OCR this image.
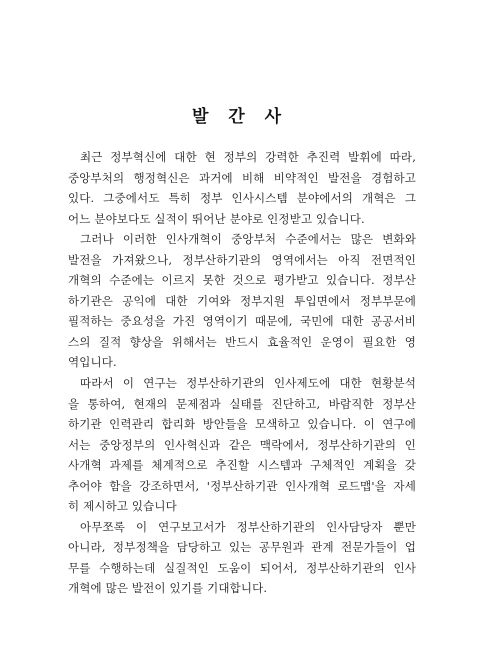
발 간 사
최근 정부혁신에 대한 현 정부의 강력한 추진력 발휘에 따라,
중앙부처의 행정혁신은 과거에 비해 비약적인 발전을 경험하고
있다. 그중에서도 특히 정부 인사시스템 분야에서의 개혁은 그
어느 분야보다도 실적이 뛰어난 분야로 인정받고 있습니다.
그러나 이러한 인사개혁이 중앙부처 수준에서는 많은 변화와
발전을 가져왔으나, 정부산하기관의 영역에서는 아직 전면적인
개혁의 수준에는 이르지 못한 것으로 평가받고 있습니다. 정부산
하기관은 공익에 대한 기여와 정부지원 투입면에서 정부부문에
필적하는 중요성을 가진 영역이기 때문에, 국민에 대한 공공서비
스의 질적 향상을 위해서는 반드시 효율적인 운영이 필요한 영
역입니다.
따라서 이 연구는 정부산하기관의 인사제도에 대한 현황분석
을 통하여, 현재의 문제점과 실태를 진단하고, 바람직한 정부산
하기관 인력관리 합리화 방안들을 모색하고 있습니다. 이 연구에
서는 중앙정부의 인사혁신과 같은 맥락에서, 정부산하기관의 인
사개혁 과제를 체계적으로 추진할 시스템과 구체적인 계획을 갖
추어야 함을 강조하면서, '정부산하기관 인사개혁 로드맵'을 자세
히 제시하고 있습니다
아무쪼록 이 연구보고서가 정부산하기관의 인사담당자 뿐만
아니라, 정부정책을 담당하고 있는 공무원과 관계 전문가들이 업
무를 수행하는데 실질적인 도움이 되어서, 정부산하기관의 인사
개혁에 많은 발전이 있기를 기대합니다.
